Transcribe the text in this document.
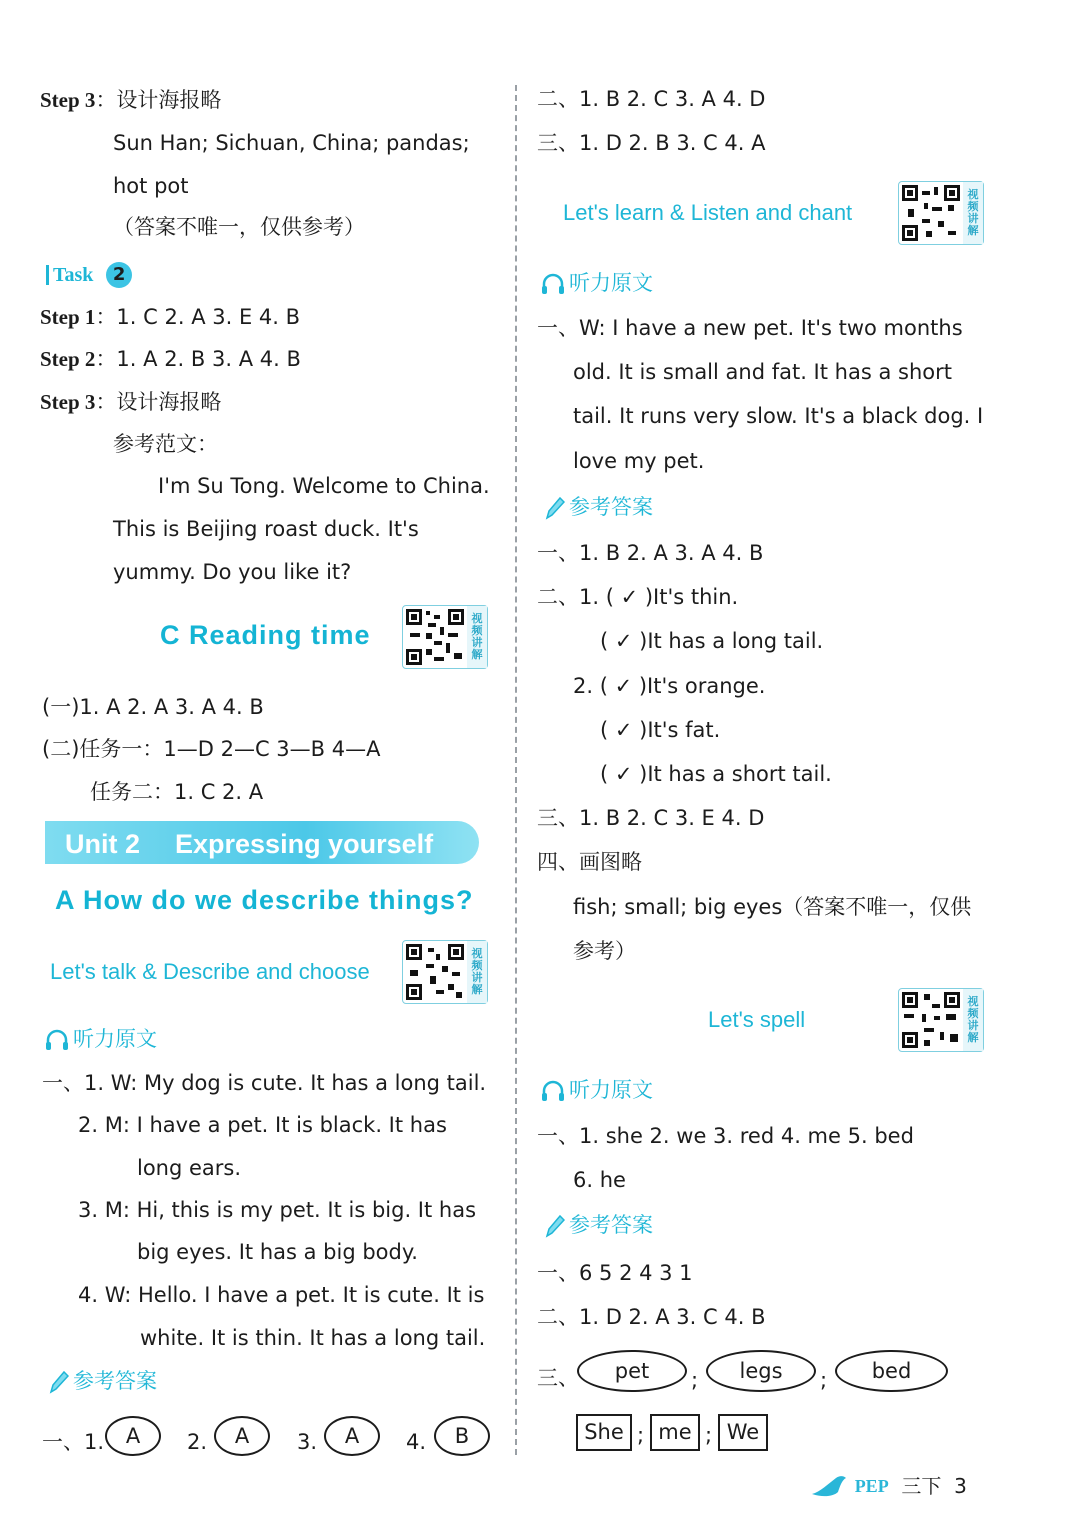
Step 3：设计海报略
Sun Han; Sichuan, China; pandas;
hot pot
（答案不唯一，仅供参考）
Task 2
Step 1：1. C 2. A 3. E 4. B
Step 2：1. A 2. B 3. A 4. B
Step 3：设计海报略
参考范文：
I'm Su Tong. Welcome to China.
This is Beijing roast duck. It's
yummy. Do you like it?
C Reading time
视
频
讲
解
(一)1. A 2. A 3. A 4. B
(二)任务一：1—D 2—C 3—B 4—A
任务二：1. C 2. A
Unit 2 Expressing yourself
A How do we describe things?
Let's talk & Describe and choose
视
频
讲
解
听力原文
一、1. W: My dog is cute. It has a long tail.
2. M: I have a pet. It is black. It has
long ears.
3. M: Hi, this is my pet. It is big. It has
big eyes. It has a big body.
4. W: Hello. I have a pet. It is cute. It is
white. It is thin. It has a long tail.
参考答案
一、1.	A	2.	A	3.	A	4.	B
二、1. B 2. C 3. A 4. D
三、1. D 2. B 3. C 4. A
Let's learn & Listen and chant
视
频
讲
解
听力原文
一、W: I have a new pet. It's two months
old. It is small and fat. It has a short
tail. It runs very slow. It's a black dog. I
love my pet.
参考答案
一、1. B 2. A 3. A 4. B
二、1. ( ✓ )It's thin.
( ✓ )It has a long tail.
2. ( ✓ )It's orange.
( ✓ )It's fat.
( ✓ )It has a short tail.
三、1. B 2. C 3. E 4. D
四、画图略
fish; small; big eyes（答案不唯一，仅供
参考）
Let's spell
视
频
讲
解
听力原文
一、1. she 2. we 3. red 4. me 5. bed
6. he
参考答案
一、6 5 2 4 3 1
二、1. D 2. A 3. C 4. B
三、	pet	;	legs	;	bed
She ; me ; We
PEP 三下 3
